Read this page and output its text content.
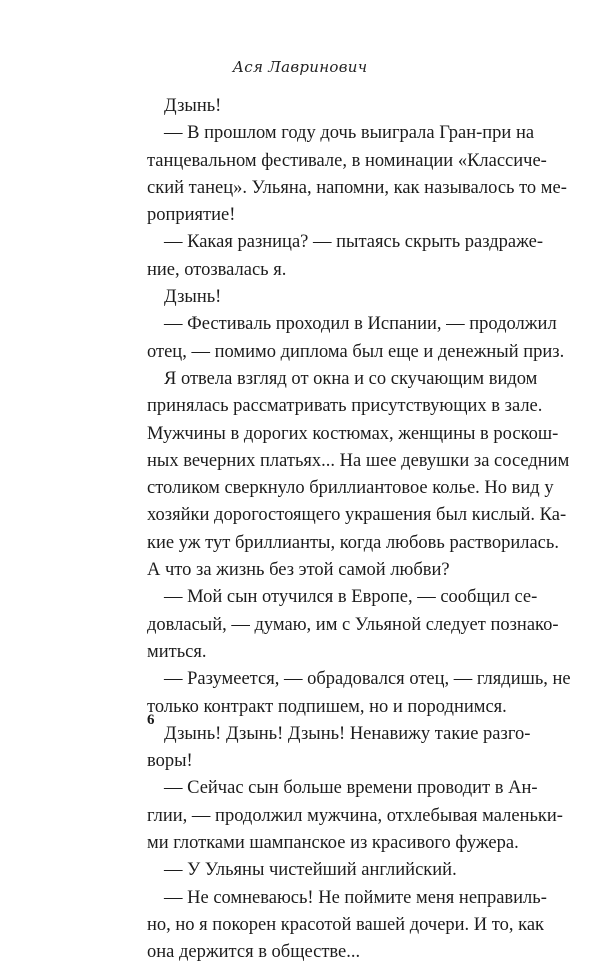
Ася Лавринович
Дзынь!
— В прошлом году дочь выиграла Гран-при на
танцевальном фестивале, в номинации «Классиче-
ский танец». Ульяна, напомни, как называлось то ме-
роприятие!
— Какая разница? — пытаясь скрыть раздраже-
ние, отозвалась я.
Дзынь!
— Фестиваль проходил в Испании, — продолжил
отец, — помимо диплома был еще и денежный приз.
Я отвела взгляд от окна и со скучающим видом
принялась рассматривать присутствующих в зале.
Мужчины в дорогих костюмах, женщины в роскош-
ных вечерних платьях... На шее девушки за соседним
столиком сверкнуло бриллиантовое колье. Но вид у
хозяйки дорогостоящего украшения был кислый. Ка-
кие уж тут бриллианты, когда любовь растворилась.
А что за жизнь без этой самой любви?
— Мой сын отучился в Европе, — сообщил се-
довласый, — думаю, им с Ульяной следует познако-
миться.
— Разумеется, — обрадовался отец, — глядишь, не
только контракт подпишем, но и породнимся.
Дзынь! Дзынь! Дзынь! Ненавижу такие разго-
воры!
— Сейчас сын больше времени проводит в Ан-
глии, — продолжил мужчина, отхлебывая маленьки-
ми глотками шампанское из красивого фужера.
— У Ульяны чистейший английский.
— Не сомневаюсь! Не поймите меня неправиль-
но, но я покорен красотой вашей дочери. И то, как
она держится в обществе...
6
